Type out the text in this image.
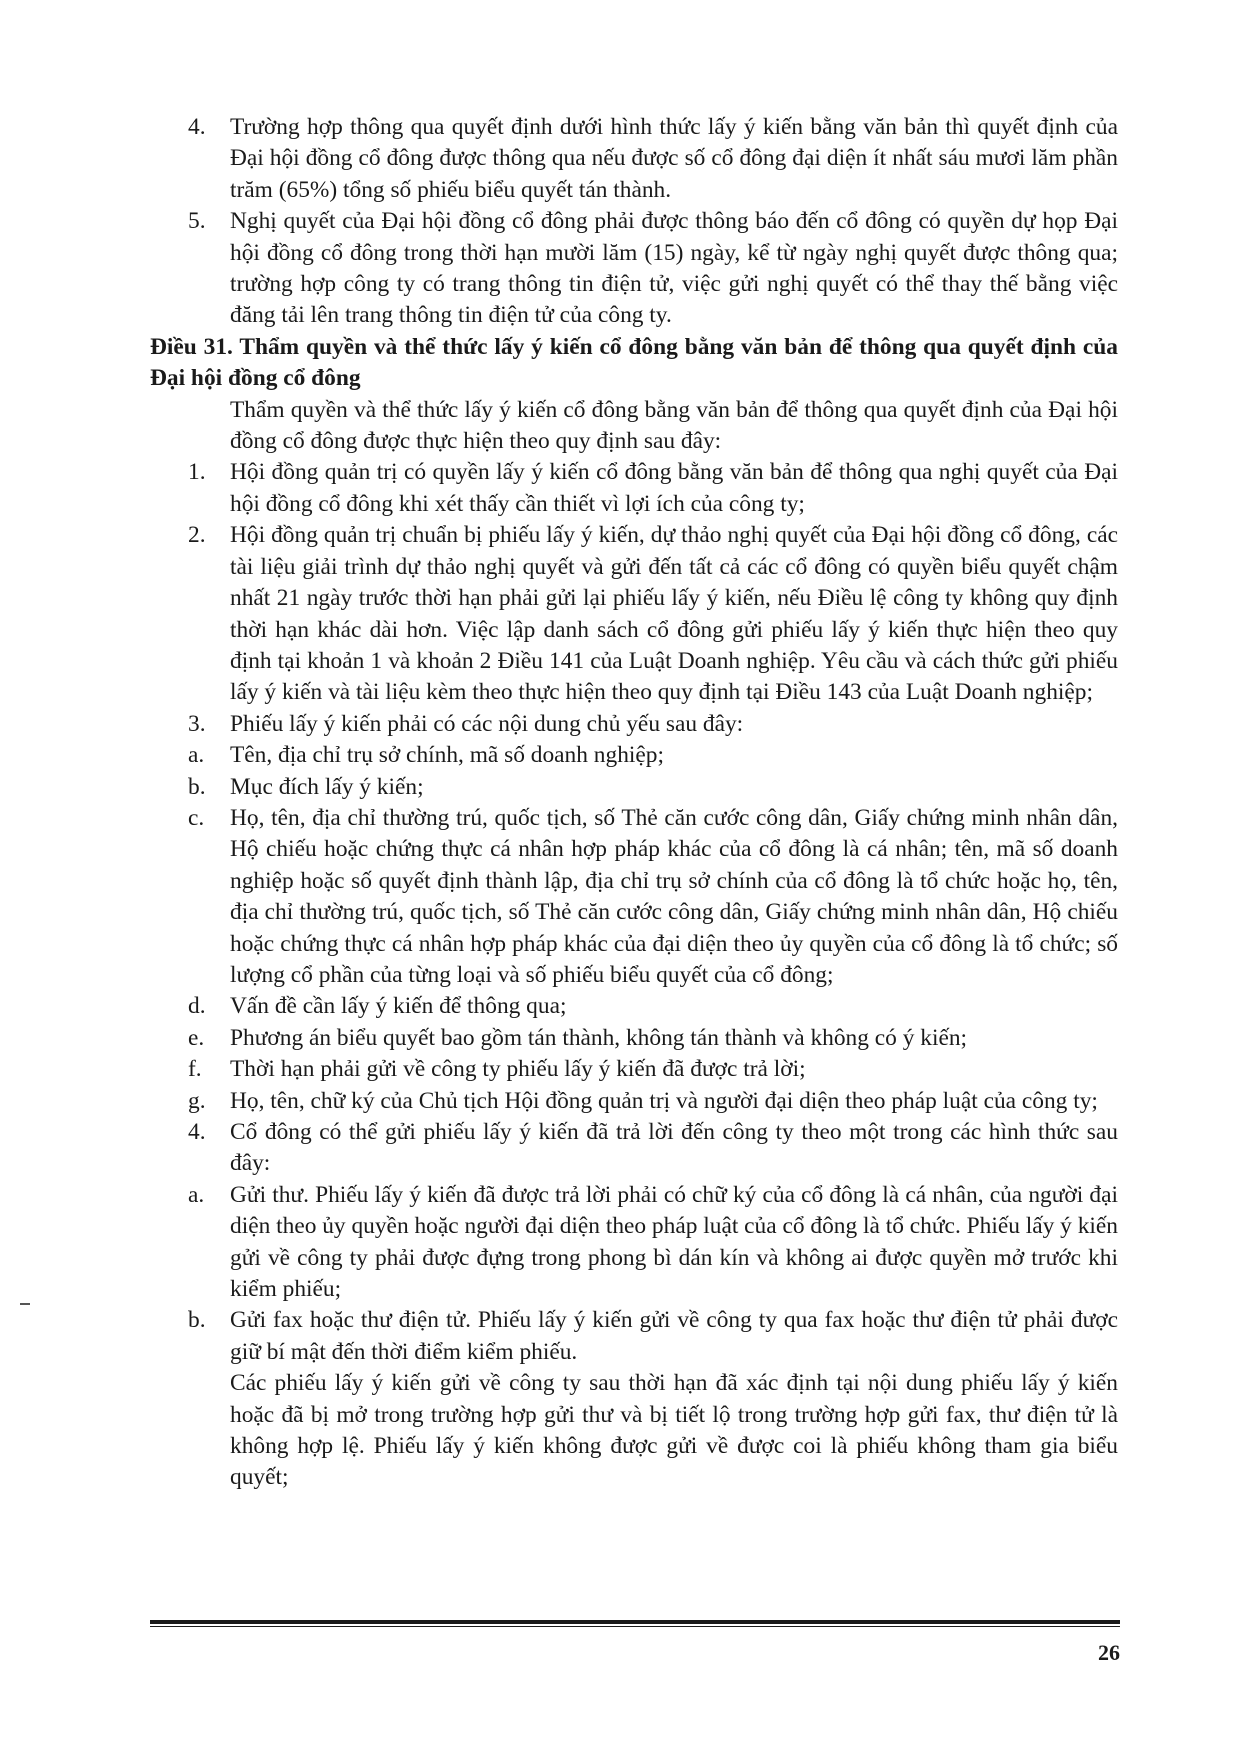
4.	Trường hợp thông qua quyết định dưới hình thức lấy ý kiến bằng văn bản thì quyết định của Đại hội đồng cổ đông được thông qua nếu được số cổ đông đại diện ít nhất sáu mươi lăm phần trăm (65%) tổng số phiếu biểu quyết tán thành.
5.	Nghị quyết của Đại hội đồng cổ đông phải được thông báo đến cổ đông có quyền dự họp Đại hội đồng cổ đông trong thời hạn mười lăm (15) ngày, kể từ ngày nghị quyết được thông qua; trường hợp công ty có trang thông tin điện tử, việc gửi nghị quyết có thể thay thế bằng việc đăng tải lên trang thông tin điện tử của công ty.
Điều 31. Thẩm quyền và thể thức lấy ý kiến cổ đông bằng văn bản để thông qua quyết định của Đại hội đồng cổ đông
Thẩm quyền và thể thức lấy ý kiến cổ đông bằng văn bản để thông qua quyết định của Đại hội đồng cổ đông được thực hiện theo quy định sau đây:
1.	Hội đồng quản trị có quyền lấy ý kiến cổ đông bằng văn bản để thông qua nghị quyết của Đại hội đồng cổ đông khi xét thấy cần thiết vì lợi ích của công ty;
2.	Hội đồng quản trị chuẩn bị phiếu lấy ý kiến, dự thảo nghị quyết của Đại hội đồng cổ đông, các tài liệu giải trình dự thảo nghị quyết và gửi đến tất cả các cổ đông có quyền biểu quyết chậm nhất 21 ngày trước thời hạn phải gửi lại phiếu lấy ý kiến, nếu Điều lệ công ty không quy định thời hạn khác dài hơn. Việc lập danh sách cổ đông gửi phiếu lấy ý kiến thực hiện theo quy định tại khoản 1 và khoản 2 Điều 141 của Luật Doanh nghiệp. Yêu cầu và cách thức gửi phiếu lấy ý kiến và tài liệu kèm theo thực hiện theo quy định tại Điều 143 của Luật Doanh nghiệp;
3.	Phiếu lấy ý kiến phải có các nội dung chủ yếu sau đây:
a.	Tên, địa chỉ trụ sở chính, mã số doanh nghiệp;
b.	Mục đích lấy ý kiến;
c.	Họ, tên, địa chỉ thường trú, quốc tịch, số Thẻ căn cước công dân, Giấy chứng minh nhân dân, Hộ chiếu hoặc chứng thực cá nhân hợp pháp khác của cổ đông là cá nhân; tên, mã số doanh nghiệp hoặc số quyết định thành lập, địa chỉ trụ sở chính của cổ đông là tổ chức hoặc họ, tên, địa chỉ thường trú, quốc tịch, số Thẻ căn cước công dân, Giấy chứng minh nhân dân, Hộ chiếu hoặc chứng thực cá nhân hợp pháp khác của đại diện theo ủy quyền của cổ đông là tổ chức; số lượng cổ phần của từng loại và số phiếu biểu quyết của cổ đông;
d.	Vấn đề cần lấy ý kiến để thông qua;
e.	Phương án biểu quyết bao gồm tán thành, không tán thành và không có ý kiến;
f.	Thời hạn phải gửi về công ty phiếu lấy ý kiến đã được trả lời;
g.	Họ, tên, chữ ký của Chủ tịch Hội đồng quản trị và người đại diện theo pháp luật của công ty;
4.	Cổ đông có thể gửi phiếu lấy ý kiến đã trả lời đến công ty theo một trong các hình thức sau đây:
a.	Gửi thư. Phiếu lấy ý kiến đã được trả lời phải có chữ ký của cổ đông là cá nhân, của người đại diện theo ủy quyền hoặc người đại diện theo pháp luật của cổ đông là tổ chức. Phiếu lấy ý kiến gửi về công ty phải được đựng trong phong bì dán kín và không ai được quyền mở trước khi kiểm phiếu;
b.	Gửi fax hoặc thư điện tử. Phiếu lấy ý kiến gửi về công ty qua fax hoặc thư điện tử phải được giữ bí mật đến thời điểm kiểm phiếu.
Các phiếu lấy ý kiến gửi về công ty sau thời hạn đã xác định tại nội dung phiếu lấy ý kiến hoặc đã bị mở trong trường hợp gửi thư và bị tiết lộ trong trường hợp gửi fax, thư điện tử là không hợp lệ. Phiếu lấy ý kiến không được gửi về được coi là phiếu không tham gia biểu quyết;
26
